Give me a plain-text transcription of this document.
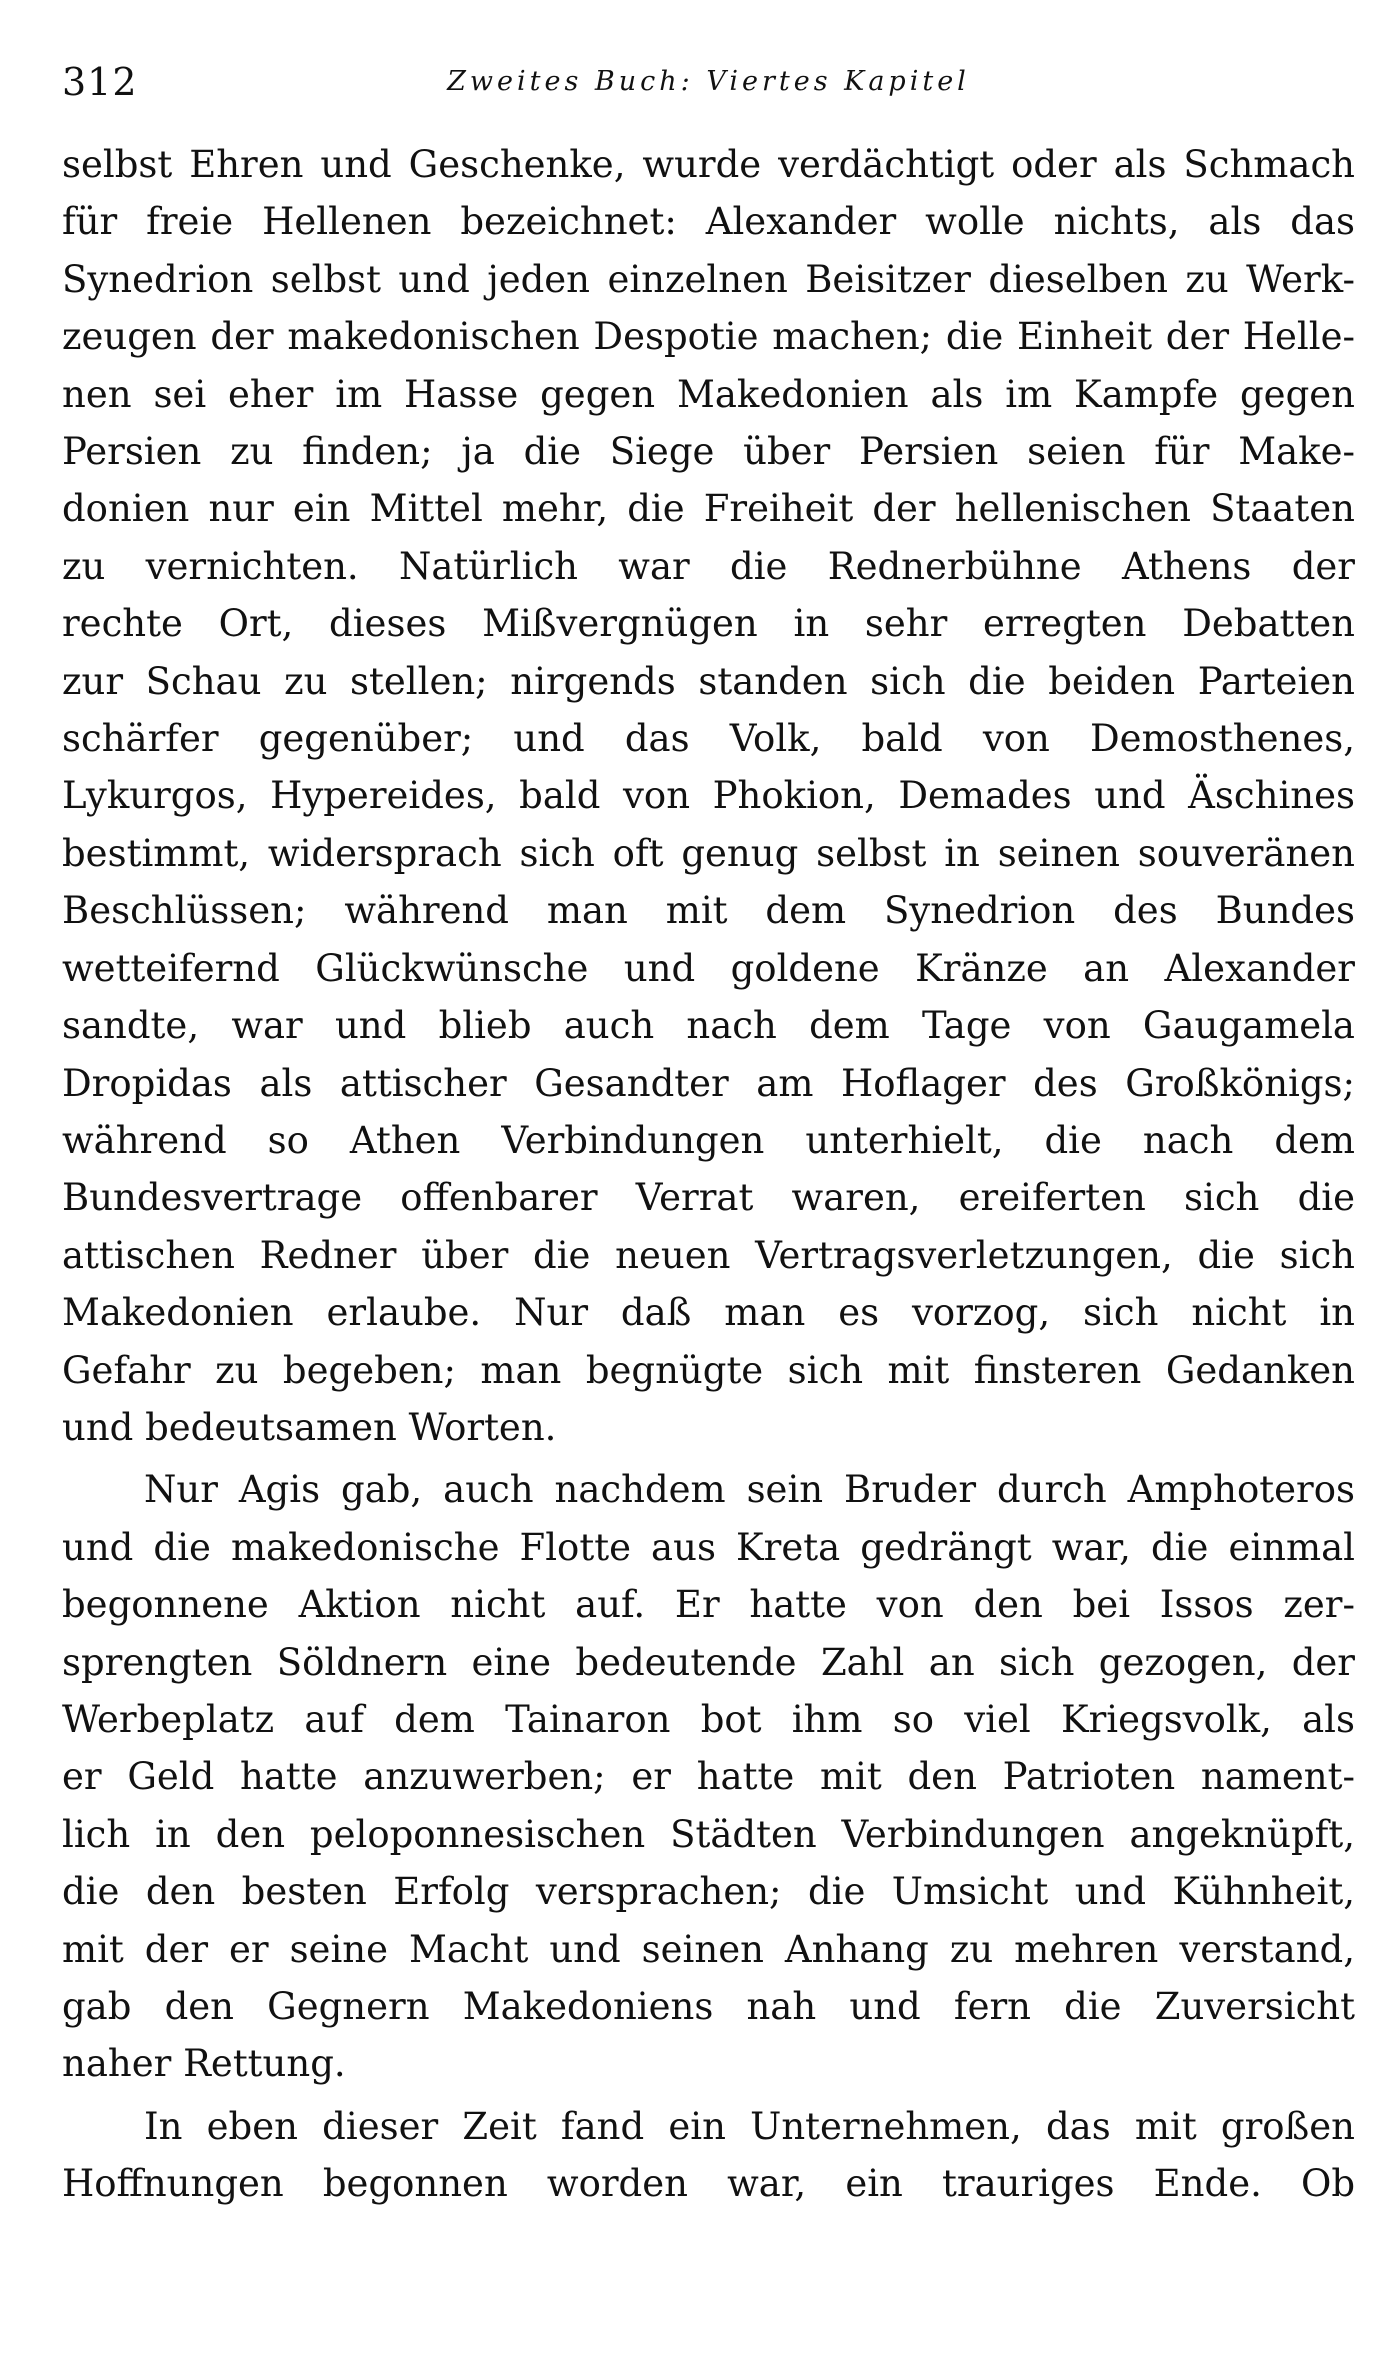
312	Zweites Buch: Viertes Kapitel
selbst Ehren und Geschenke, wurde verdächtigt oder als Schmach
für freie Hellenen bezeichnet: Alexander wolle nichts, als das
Synedrion selbst und jeden einzelnen Beisitzer dieselben zu Werk-
zeugen der makedonischen Despotie machen; die Einheit der Helle-
nen sei eher im Hasse gegen Makedonien als im Kampfe gegen
Persien zu finden; ja die Siege über Persien seien für Make-
donien nur ein Mittel mehr, die Freiheit der hellenischen Staaten
zu vernichten. Natürlich war die Rednerbühne Athens der
rechte Ort, dieses Mißvergnügen in sehr erregten Debatten
zur Schau zu stellen; nirgends standen sich die beiden Parteien
schärfer gegenüber; und das Volk, bald von Demosthenes,
Lykurgos, Hypereides, bald von Phokion, Demades und Äschines
bestimmt, widersprach sich oft genug selbst in seinen souveränen
Beschlüssen; während man mit dem Synedrion des Bundes
wetteifernd Glückwünsche und goldene Kränze an Alexander
sandte, war und blieb auch nach dem Tage von Gaugamela
Dropidas als attischer Gesandter am Hoflager des Großkönigs;
während so Athen Verbindungen unterhielt, die nach dem
Bundesvertrage offenbarer Verrat waren, ereiferten sich die
attischen Redner über die neuen Vertragsverletzungen, die sich
Makedonien erlaube. Nur daß man es vorzog, sich nicht in
Gefahr zu begeben; man begnügte sich mit finsteren Gedanken
und bedeutsamen Worten.
Nur Agis gab, auch nachdem sein Bruder durch Amphoteros
und die makedonische Flotte aus Kreta gedrängt war, die einmal
begonnene Aktion nicht auf. Er hatte von den bei Issos zer-
sprengten Söldnern eine bedeutende Zahl an sich gezogen, der
Werbeplatz auf dem Tainaron bot ihm so viel Kriegsvolk, als
er Geld hatte anzuwerben; er hatte mit den Patrioten nament-
lich in den peloponnesischen Städten Verbindungen angeknüpft,
die den besten Erfolg versprachen; die Umsicht und Kühnheit,
mit der er seine Macht und seinen Anhang zu mehren verstand,
gab den Gegnern Makedoniens nah und fern die Zuversicht
naher Rettung.
In eben dieser Zeit fand ein Unternehmen, das mit großen
Hoffnungen begonnen worden war, ein trauriges Ende. Ob
